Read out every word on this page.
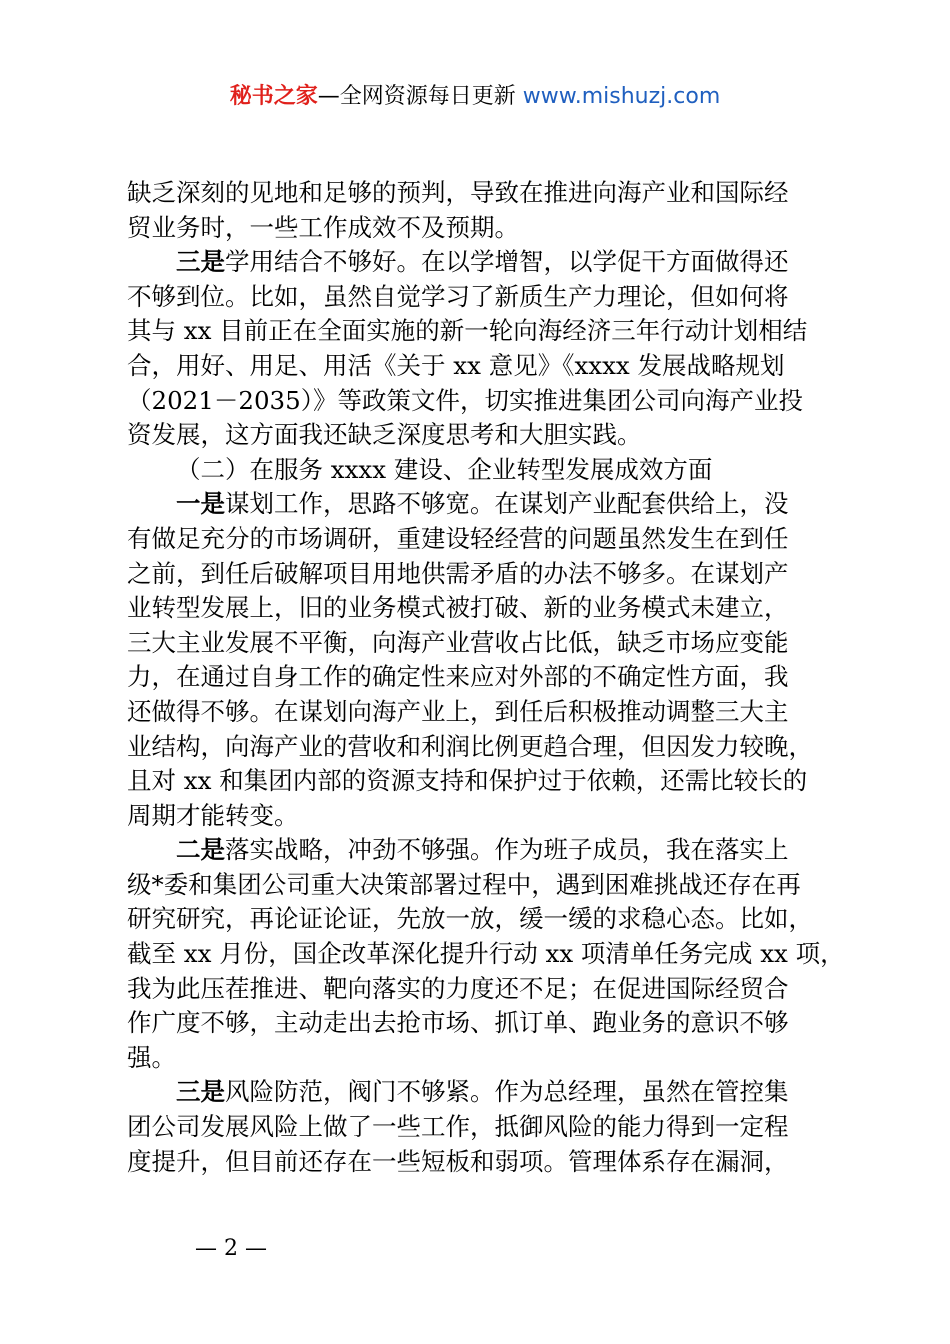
秘书之家—全网资源每日更新 www.mishuzj.com
缺乏深刻的见地和足够的预判，导致在推进向海产业和国际经
贸业务时，一些工作成效不及预期。
三是学用结合不够好。在以学增智，以学促干方面做得还
不够到位。比如，虽然自觉学习了新质生产力理论，但如何将
其与 xx 目前正在全面实施的新一轮向海经济三年行动计划相结
合，用好、用足、用活《关于 xx 意见》《xxxx 发展战略规划
（2021－2035）》等政策文件，切实推进集团公司向海产业投
资发展，这方面我还缺乏深度思考和大胆实践。
（二）在服务 xxxx 建设、企业转型发展成效方面
一是谋划工作，思路不够宽。在谋划产业配套供给上，没
有做足充分的市场调研，重建设轻经营的问题虽然发生在到任
之前，到任后破解项目用地供需矛盾的办法不够多。在谋划产
业转型发展上，旧的业务模式被打破、新的业务模式未建立，
三大主业发展不平衡，向海产业营收占比低，缺乏市场应变能
力，在通过自身工作的确定性来应对外部的不确定性方面，我
还做得不够。在谋划向海产业上，到任后积极推动调整三大主
业结构，向海产业的营收和利润比例更趋合理，但因发力较晚，
且对 xx 和集团内部的资源支持和保护过于依赖，还需比较长的
周期才能转变。
二是落实战略，冲劲不够强。作为班子成员，我在落实上
级*委和集团公司重大决策部署过程中，遇到困难挑战还存在再
研究研究，再论证论证，先放一放，缓一缓的求稳心态。比如，
截至 xx 月份，国企改革深化提升行动 xx 项清单任务完成 xx 项，
我为此压茬推进、靶向落实的力度还不足；在促进国际经贸合
作广度不够，主动走出去抢市场、抓订单、跑业务的意识不够
强。
三是风险防范，阀门不够紧。作为总经理，虽然在管控集
团公司发展风险上做了一些工作，抵御风险的能力得到一定程
度提升，但目前还存在一些短板和弱项。管理体系存在漏洞，
— 2 —
